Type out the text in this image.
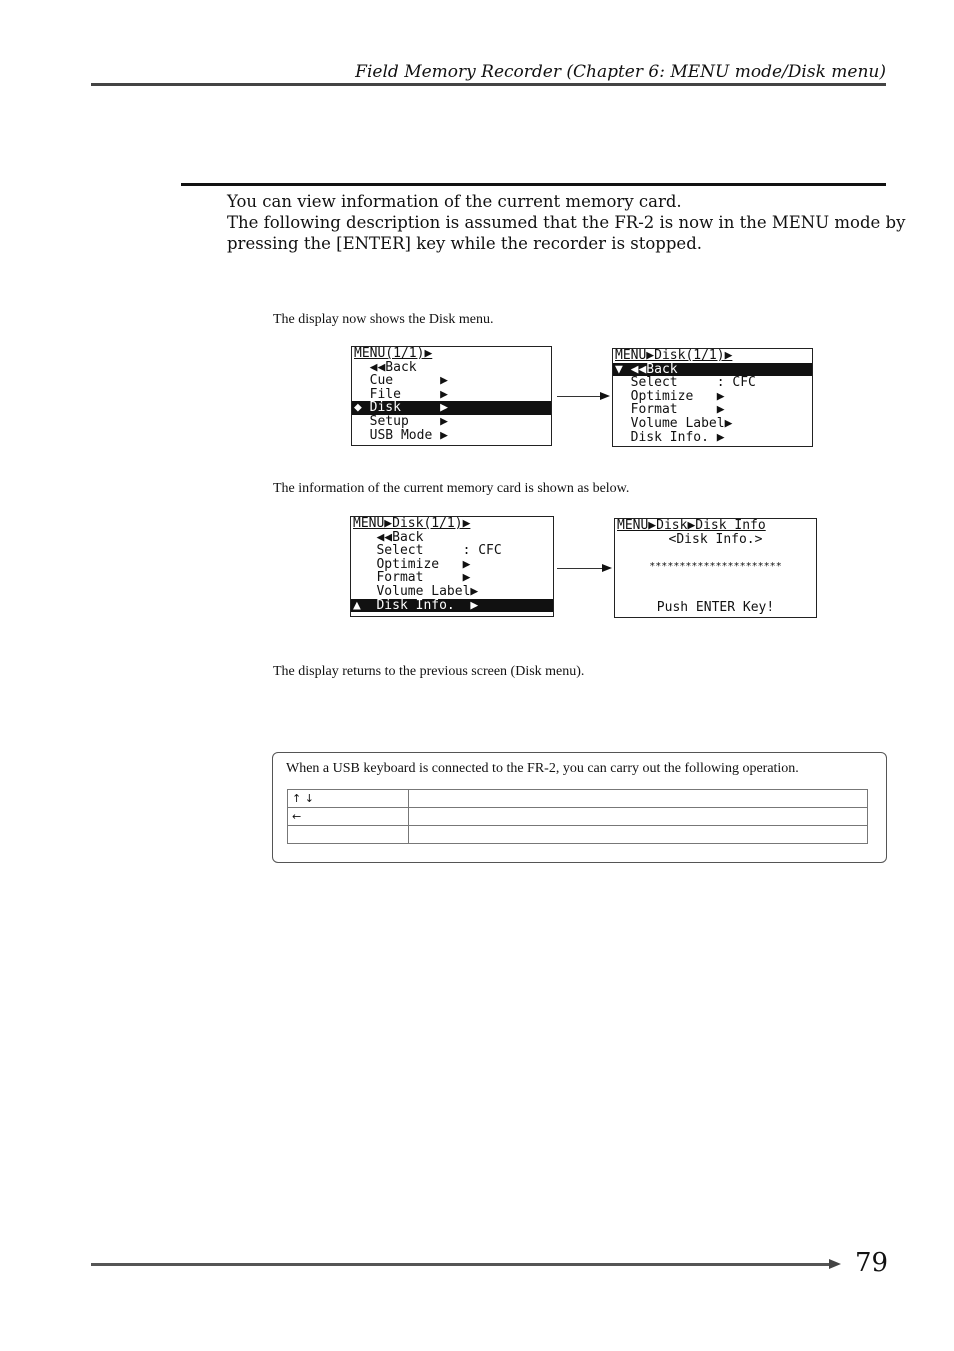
Field Memory Recorder (Chapter 6: MENU mode/Disk menu)
You can view information of the current memory card.
The following description is assumed that the FR-2 is now in the MENU mode by
pressing the [ENTER] key while the recorder is stopped.
The display now shows the Disk menu.
MENU(1/1)▶
◀◀Back
Cue      ▶
File     ▶
◆ Disk     ▶
Setup    ▶
USB Mode ▶
MENU▶Disk(1/1)▶
▼ ◀◀Back
Select     : CFC
Optimize   ▶
Format     ▶
Volume Label▶
Disk Info. ▶
The information of the current memory card is shown as below.
MENU▶Disk(1/1)▶
◀◀Back
Select     : CFC
Optimize   ▶
Format     ▶
Volume Label▶
▲  Disk Info.  ▶
MENU▶Disk▶Disk Info
<Disk Info.>
**********************
Push ENTER Key!
The display returns to the previous screen (Disk menu).
When a USB keyboard is connected to the FR-2, you can carry out the following operation.
↑ ↓	
←	

79
